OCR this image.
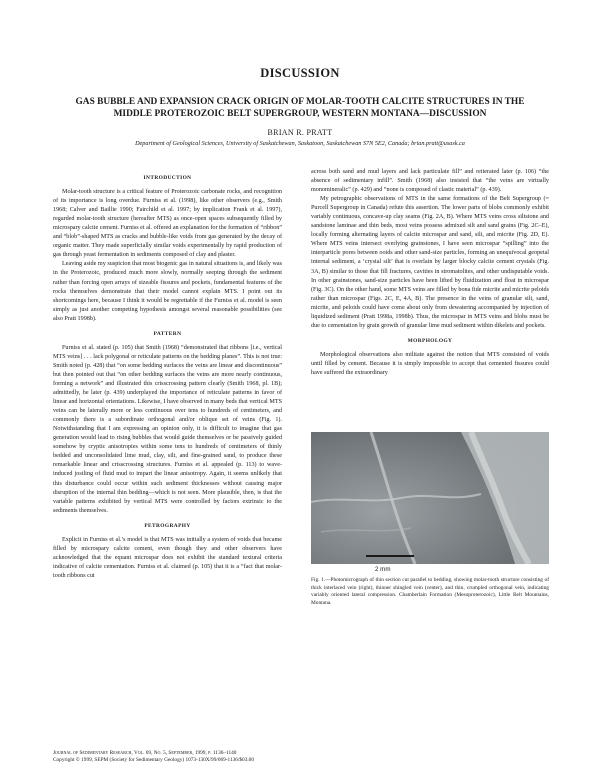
DISCUSSION
GAS BUBBLE AND EXPANSION CRACK ORIGIN OF MOLAR-TOOTH CALCITE STRUCTURES IN THE MIDDLE PROTEROZOIC BELT SUPERGROUP, WESTERN MONTANA—DISCUSSION
BRIAN R. PRATT
Department of Geological Sciences, University of Saskatchewan, Saskatoon, Saskatchewan S7N 5E2, Canada; brian.pratt@usask.ca
INTRODUCTION

Molar-tooth structure is a critical feature of Proterozoic carbonate rocks, and recognition of its importance is long overdue. Furniss et al. (1998), like other observers (e.g., Smith 1968; Calver and Baillie 1990; Fairchild et al. 1997; by implication Frank et al. 1997), regarded molar-tooth structure (hereafter MTS) as once-open spaces subsequently filled by microspary calcite cement. Furniss et al. offered an explanation for the formation of “ribbon” and “blob”-shaped MTS as cracks and bubble-like voids from gas generated by the decay of organic matter. They made superficially similar voids experimentally by rapid production of gas through yeast fermentation in sediments composed of clay and plaster.

Leaving aside my suspicion that most biogenic gas in natural situations is, and likely was in the Proterozoic, produced much more slowly, normally seeping through the sediment rather than forcing open arrays of sizeable fissures and pockets, fundamental features of the rocks themselves demonstrate that their model cannot explain MTS. I point out its shortcomings here, because I think it would be regrettable if the Furniss et al. model is seen simply as just another competing hypothesis amongst several reasonable possibilities (see also Pratt 1998b).

PATTERN

Furniss et al. stated (p. 105) that Smith (1968) “demonstrated that ribbons [i.e., vertical MTS veins] . . . lack polygonal or reticulate patterns on the bedding planes”. This is not true: Smith noted (p. 428) that “on some bedding surfaces the veins are linear and discontinuous” but then pointed out that “on other bedding surfaces the veins are more nearly continuous, forming a network” and illustrated this crisscrossing pattern clearly (Smith 1968, pl. 1B); admittedly, he later (p. 439) underplayed the importance of reticulate patterns in favor of linear and horizontal orientations. Likewise, I have observed in many beds that vertical MTS veins can be laterally more or less continuous over tens to hundreds of centimeters, and commonly there is a subordinate orthogonal and/or oblique set of veins (Fig. 1). Notwithstanding that I am expressing an opinion only, it is difficult to imagine that gas generation would lead to rising bubbles that would guide themselves or be passively guided somehow by cryptic anisotropies within some tens to hundreds of centimeters of thinly bedded and unconsolidated lime mud, clay, silt, and fine-grained sand, to produce these remarkable linear and crisscrossing structures. Furniss et al. appealed (p. 113) to wave-induced jostling of fluid mud to impart the linear anisotropy. Again, it seems unlikely that this disturbance could occur within such sediment thicknesses without causing major disruption of the internal thin bedding—which is not seen. More plausible, then, is that the variable patterns exhibited by vertical MTS were controlled by factors extrinsic to the sediments themselves.

PETROGRAPHY

Explicit in Furniss et al.’s model is that MTS was initially a system of voids that became filled by microspary calcite cement, even though they and other observers have acknowledged that the equant microspar does not exhibit the standard textural criteria indicative of calcite cementation. Furniss et al. claimed (p. 105) that it is a “fact that molar-tooth ribbons cut

across both sand and mud layers and lack particulate fill” and reiterated later (p. 106) “the absence of sedimentary infill”. Smith (1968) also insisted that “the veins are virtually monomineralic” (p. 429) and “none is composed of clastic material” (p. 439).

My petrographic observations of MTS in the same formations of the Belt Supergroup (= Purcell Supergroup in Canada) refute this assertion. The lower parts of blobs commonly exhibit variably continuous, concave-up clay seams (Fig. 2A, B). Where MTS veins cross siltstone and sandstone laminae and thin beds, most veins possess admixed silt and sand grains (Fig. 2C–E), locally forming alternating layers of calcite microspar and sand, silt, and micrite (Fig. 2D, E). Where MTS veins intersect overlying grainstones, I have seen microspar “spilling” into the interparticle pores between ooids and other sand-size particles, forming an unequivocal geopetal internal sediment, a ‘crystal silt’ that is overlain by larger blocky calcite cement crystals (Fig. 3A, B) similar to those that fill fractures, cavities in stromatolites, and other undisputable voids. In other grainstones, sand-size particles have been lifted by fluidization and float in microspar (Fig. 3C). On the other hand, some MTS veins are filled by bona fide micrite and micrite peloids rather than microspar (Figs. 2C, E, 4A, B). The presence in the veins of granular silt, sand, micrite, and peloids could have come about only from dewatering accompanied by injection of liquidized sediment (Pratt 1998a, 1998b). Thus, the microspar in MTS veins and blobs must be due to cementation by grain growth of granular lime mud sediment within dikelets and pockets.

MORPHOLOGY

Morphological observations also militate against the notion that MTS consisted of voids until filled by cement. Because it is simply impossible to accept that cemented fissures could have suffered the extraordinary

2 mm
Fig. 1.—Photomicrograph of thin section cut parallel to bedding, showing molar-tooth structure consisting of thick interlaced vein (right), thinner shingled vein (center), and thin, crumpled orthogonal vein, indicating variably oriented lateral compression. Chamberlain Formation (Mesoproterozoic), Little Belt Mountains, Montana.
Journal of Sedimentary Research, Vol. 69, No. 5, September, 1999, p. 1136–1140
Copyright © 1999, SEPM (Society for Sedimentary Geology) 1073-130X/99/069-1136/$03.00
